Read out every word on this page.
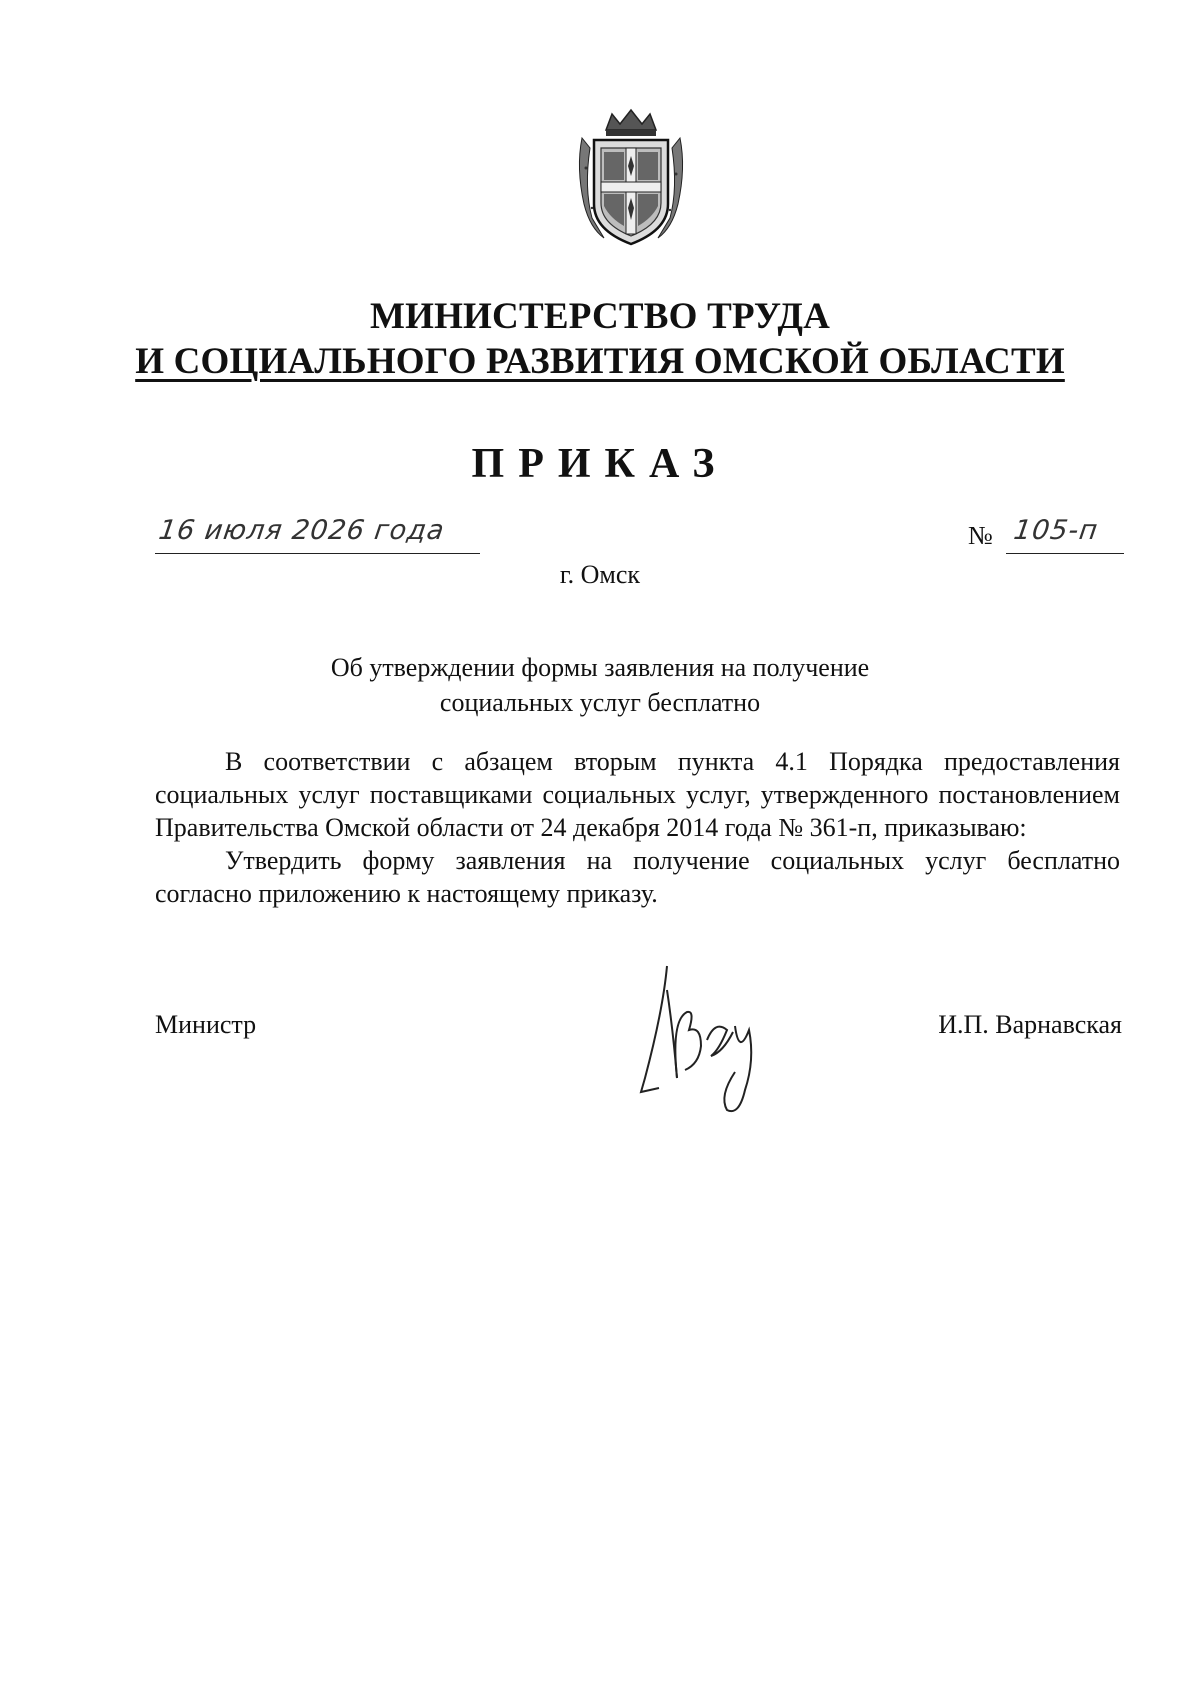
МИНИСТЕРСТВО ТРУДА
И СОЦИАЛЬНОГО РАЗВИТИЯ ОМСКОЙ ОБЛАСТИ
ПРИКАЗ
16 июля 2026 года	№ 105-п
г. Омск
Об утверждении формы заявления на получение
социальных услуг бесплатно

В соответствии с абзацем вторым пункта 4.1 Порядка предоставления социальных услуг поставщиками социальных услуг, утвержденного постановлением Правительства Омской области от 24 декабря 2014 года № 361-п, приказываю:

Утвердить форму заявления на получение социальных услуг бесплатно согласно приложению к настоящему приказу.

Министр	И.П. Варнавская
